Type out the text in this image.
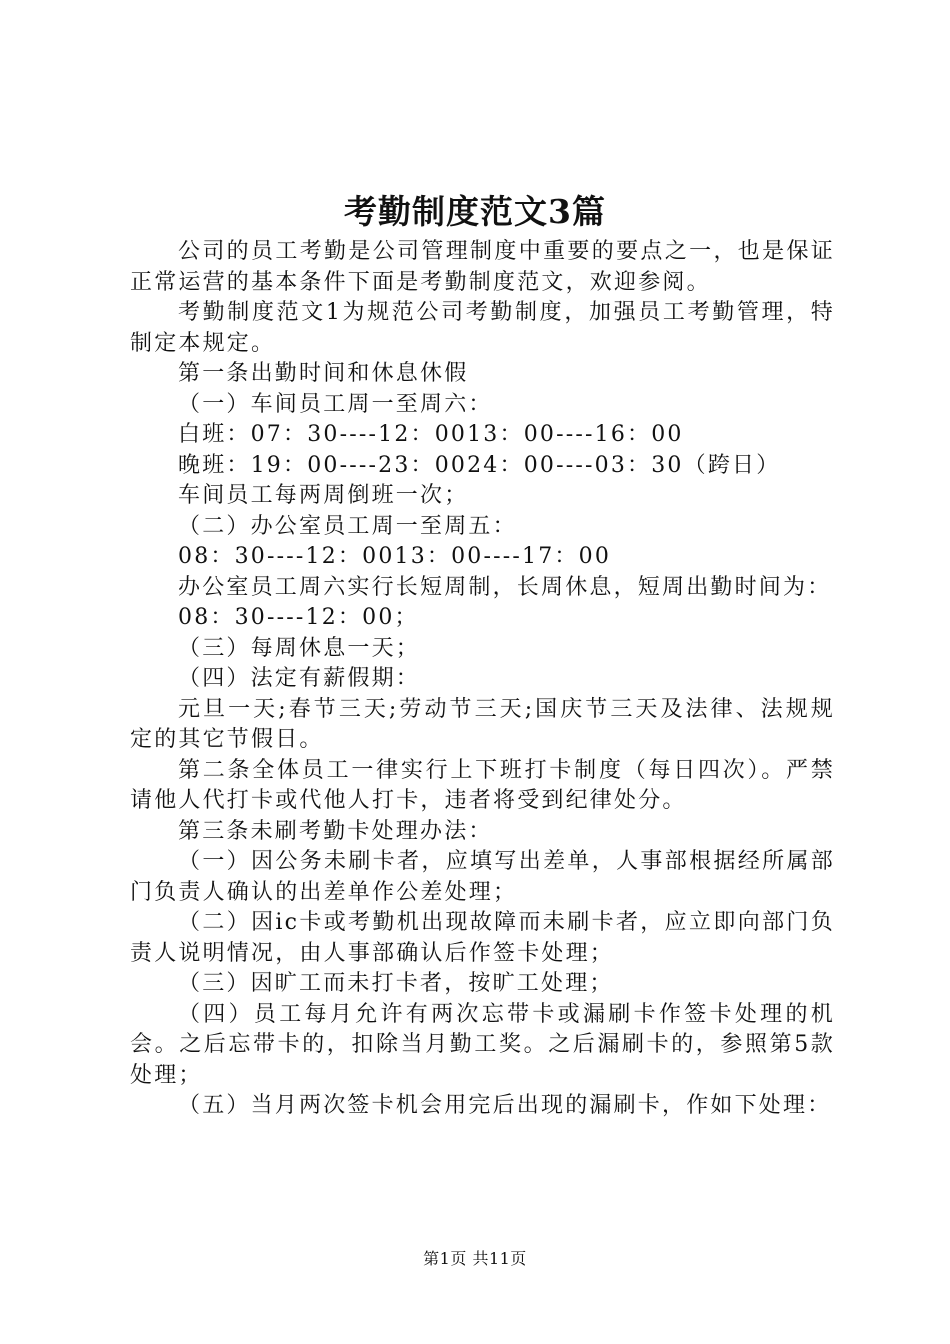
考勤制度范文3篇

公司的员工考勤是公司管理制度中重要的要点之一，也是保证正常运营的基本条件下面是考勤制度范文，欢迎参阅。

考勤制度范文1为规范公司考勤制度，加强员工考勤管理，特制定本规定。

第一条出勤时间和休息休假

（一）车间员工周一至周六：

白班：07：30----12：0013：00----16：00

晚班：19：00----23：0024：00----03：30（跨日）

车间员工每两周倒班一次；

（二）办公室员工周一至周五：

08：30----12：0013：00----17：00

办公室员工周六实行长短周制，长周休息，短周出勤时间为：

08：30----12：00；

（三）每周休息一天；

（四）法定有薪假期：

元旦一天;春节三天;劳动节三天;国庆节三天及法律、法规规定的其它节假日。

第二条全体员工一律实行上下班打卡制度（每日四次）。严禁请他人代打卡或代他人打卡，违者将受到纪律处分。

第三条未刷考勤卡处理办法：

（一）因公务未刷卡者，应填写出差单，人事部根据经所属部门负责人确认的出差单作公差处理；

（二）因ic卡或考勤机出现故障而未刷卡者，应立即向部门负责人说明情况，由人事部确认后作签卡处理；

（三）因旷工而未打卡者，按旷工处理；

（四）员工每月允许有两次忘带卡或漏刷卡作签卡处理的机会。之后忘带卡的，扣除当月勤工奖。之后漏刷卡的，参照第5款处理；

（五）当月两次签卡机会用完后出现的漏刷卡，作如下处理：

第1页 共11页
